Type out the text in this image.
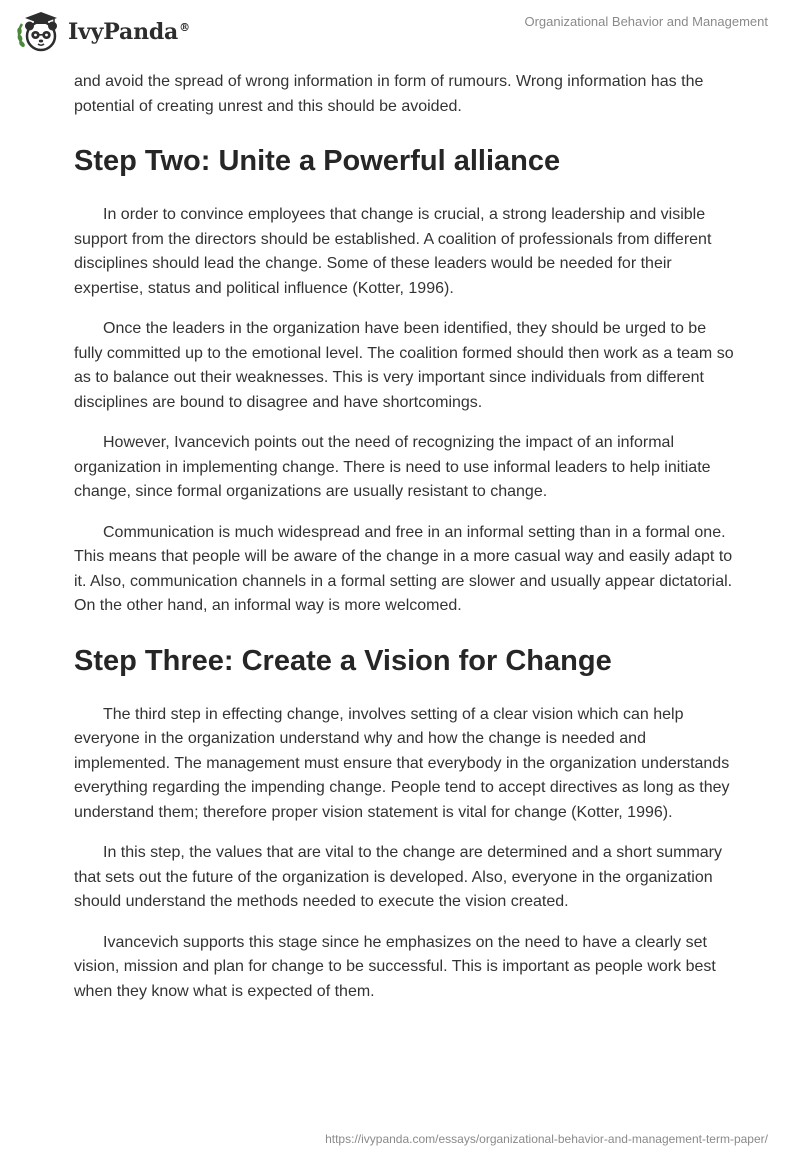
IvyPanda®	Organizational Behavior and Management

and avoid the spread of wrong information in form of rumours. Wrong information has the potential of creating unrest and this should be avoided.

Step Two: Unite a Powerful alliance

In order to convince employees that change is crucial, a strong leadership and visible support from the directors should be established. A coalition of professionals from different disciplines should lead the change. Some of these leaders would be needed for their expertise, status and political influence (Kotter, 1996).

Once the leaders in the organization have been identified, they should be urged to be fully committed up to the emotional level. The coalition formed should then work as a team so as to balance out their weaknesses. This is very important since individuals from different disciplines are bound to disagree and have shortcomings.

However, Ivancevich points out the need of recognizing the impact of an informal organization in implementing change. There is need to use informal leaders to help initiate change, since formal organizations are usually resistant to change.

Communication is much widespread and free in an informal setting than in a formal one. This means that people will be aware of the change in a more casual way and easily adapt to it. Also, communication channels in a formal setting are slower and usually appear dictatorial. On the other hand, an informal way is more welcomed.

Step Three: Create a Vision for Change

The third step in effecting change, involves setting of a clear vision which can help everyone in the organization understand why and how the change is needed and implemented. The management must ensure that everybody in the organization understands everything regarding the impending change. People tend to accept directives as long as they understand them; therefore proper vision statement is vital for change (Kotter, 1996).

In this step, the values that are vital to the change are determined and a short summary that sets out the future of the organization is developed. Also, everyone in the organization should understand the methods needed to execute the vision created.

Ivancevich supports this stage since he emphasizes on the need to have a clearly set vision, mission and plan for change to be successful. This is important as people work best when they know what is expected of them.

https://ivypanda.com/essays/organizational-behavior-and-management-term-paper/
